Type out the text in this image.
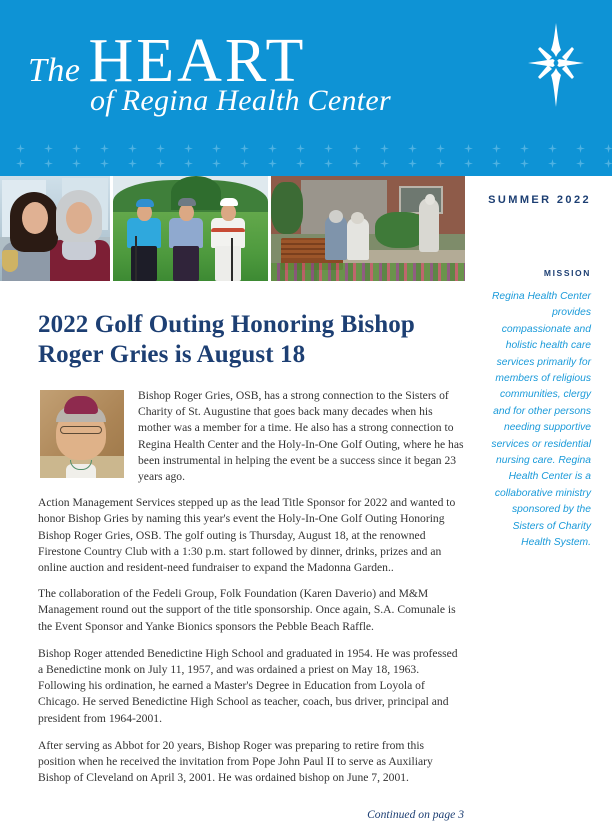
The HEART
of Regina Health Center
SUMMER 2022
MISSION
Regina Health Center provides compassionate and holistic health care services primarily for members of religious communities, clergy and for other persons needing supportive services or residential nursing care. Regina Health Center is a collaborative ministry sponsored by the Sisters of Charity Health System.
2022 Golf Outing Honoring Bishop Roger Gries is August 18

Bishop Roger Gries, OSB, has a strong connection to the Sisters of Charity of St. Augustine that goes back many decades when his mother was a member for a time. He also has a strong connection to Regina Health Center and the Holy-In-One Golf Outing, where he has been instrumental in helping the event be a success since it began 23 years ago.

Action Management Services stepped up as the lead Title Sponsor for 2022 and wanted to honor Bishop Gries by naming this year's event the Holy-In-One Golf Outing Honoring Bishop Roger Gries, OSB. The golf outing is Thursday, August 18, at the renowned Firestone Country Club with a 1:30 p.m. start followed by dinner, drinks, prizes and an online auction and resident-need fundraiser to expand the Madonna Garden..

The collaboration of the Fedeli Group, Folk Foundation (Karen Daverio) and M&M Management round out the support of the title sponsorship. Once again, S.A. Comunale is the Event Sponsor and Yanke Bionics sponsors the Pebble Beach Raffle.

Bishop Roger attended Benedictine High School and graduated in 1954. He was professed a Benedictine monk on July 11, 1957, and was ordained a priest on May 18, 1963. Following his ordination, he earned a Master's Degree in Education from Loyola of Chicago. He served Benedictine High School as teacher, coach, bus driver, principal and president from 1964-2001.

After serving as Abbot for 20 years, Bishop Roger was preparing to retire from this position when he received the invitation from Pope John Paul II to serve as Auxiliary Bishop of Cleveland on April 3, 2001. He was ordained bishop on June 7, 2001.

Continued on page 3
